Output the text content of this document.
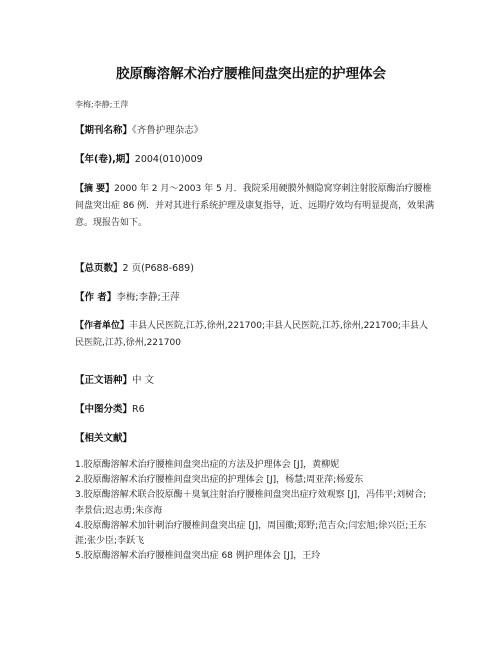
胶原酶溶解术治疗腰椎间盘突出症的护理体会
李梅;李静;王萍
【期刊名称】《齐鲁护理杂志》
【年(卷),期】2004(010)009
【摘 要】2000 年 2 月～2003 年 5 月．我院采用硬膜外侧隐窝穿刺注射胶原酶治疗腰椎间盘突出症 86 例．并对其进行系统护理及康复指导，近、远期疗效均有明显提高，效果满意。现报告如下。
【总页数】2 页(P688-689)
【作 者】李梅;李静;王萍
【作者单位】丰县人民医院,江苏,徐州,221700;丰县人民医院,江苏,徐州,221700;丰县人民医院,江苏,徐州,221700
【正文语种】中 文
【中图分类】R6
【相关文献】
1.胶原酶溶解术治疗腰椎间盘突出症的方法及护理体会 [J]，黄柳妮
2.胶原酶溶解术治疗腰椎间盘突出症的护理体会 [J]，杨慧;周亚萍;杨爱东
3.胶原酶溶解术联合胶原酶＋臭氧注射治疗腰椎间盘突出症疗效观察 [J]，冯伟平;刘树合;李景信;迟志勇;朱彦海
4.胶原酶溶解术加针刺治疗腰椎间盘突出症 [J]，周国徽;郑野;范吉众;闫宏旭;徐兴臣;王东涯;张少臣;李跃飞
5.胶原酶溶解术治疗腰椎间盘突出症 68 例护理体会 [J]，王玲
